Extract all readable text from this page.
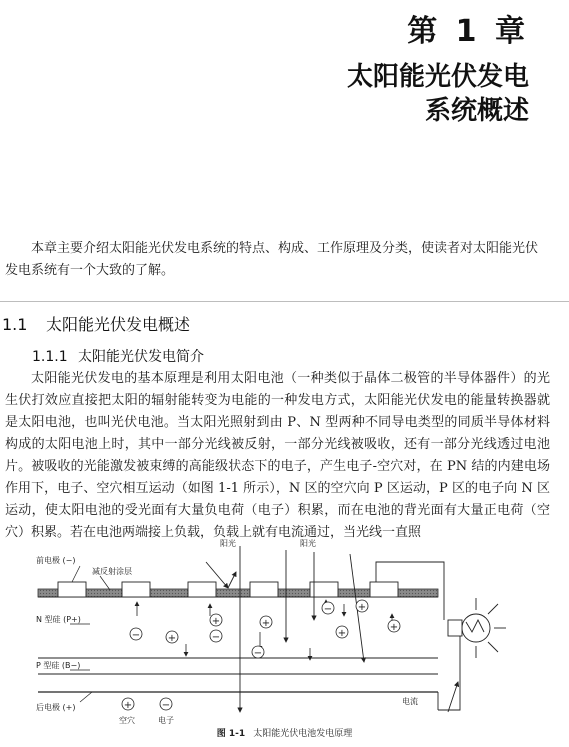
第 1 章
太阳能光伏发电
系统概述

本章主要介绍太阳能光伏发电系统的特点、构成、工作原理及分类，使读者对太阳能光伏发电系统有一个大致的了解。

1.1 太阳能光伏发电概述
1.1.1 太阳能光伏发电简介

太阳能光伏发电的基本原理是利用太阳电池（一种类似于晶体二极管的半导体器件）的光生伏打效应直接把太阳的辐射能转变为电能的一种发电方式，太阳能光伏发电的能量转换器就是太阳电池，也叫光伏电池。当太阳光照射到由 P、N 型两种不同导电类型的同质半导体材料构成的太阳电池上时，其中一部分光线被反射，一部分光线被吸收，还有一部分光线透过电池片。被吸收的光能激发被束缚的高能级状态下的电子，产生电子-空穴对，在 PN 结的内建电场作用下，电子、空穴相互运动（如图 1-1 所示），N 区的空穴向 P 区运动，P 区的电子向 N 区运动，使太阳电池的受光面有大量负电荷（电子）积累，而在电池的背光面有大量正电荷（空穴）积累。若在电池两端接上负载，负载上就有电流通过，当光线一直照

+
+	+
+
+
+
−
−
−
−
+	−
前电极 (−)
减反射涂层
阳光	阳光
N 型硅 (P+)
P 型硅 (B−)
后电极 (+)
电流
空穴	电子
图 1-1 太阳能光伏电池发电原理
